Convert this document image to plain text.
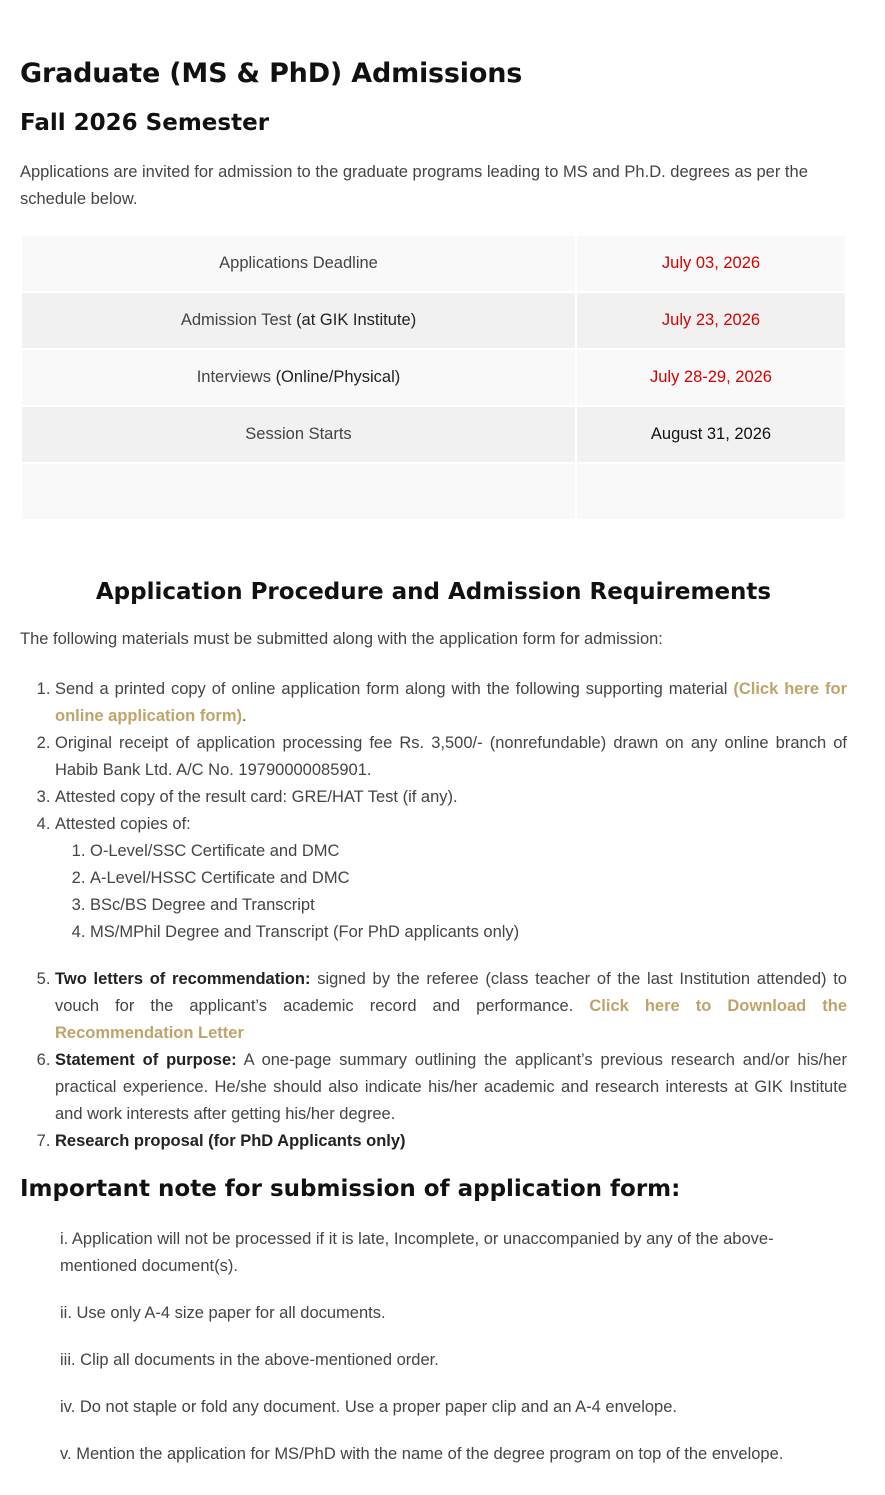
Graduate (MS & PhD) Admissions
Fall 2026 Semester

Applications are invited for admission to the graduate programs leading to MS and Ph.D. degrees as per the schedule below.

Applications Deadline	July 03, 2026
Admission Test (at GIK Institute)	July 23, 2026
Interviews (Online/Physical)	July 28-29, 2026
Session Starts	August 31, 2026

Application Procedure and Admission Requirements

The following materials must be submitted along with the application form for admission:

1. Send a printed copy of online application form along with the following supporting material (Click here for online application form).
2. Original receipt of application processing fee Rs. 3,500/- (nonrefundable) drawn on any online branch of Habib Bank Ltd. A/C No. 19790000085901.
3. Attested copy of the result card: GRE/HAT Test (if any).
4. Attested copies of:
1. O-Level/SSC Certificate and DMC
2. A-Level/HSSC Certificate and DMC
3. BSc/BS Degree and Transcript
4. MS/MPhil Degree and Transcript (For PhD applicants only)
5. Two letters of recommendation: signed by the referee (class teacher of the last Institution attended) to vouch for the applicant’s academic record and performance. Click here to Download the Recommendation Letter
6. Statement of purpose: A one-page summary outlining the applicant’s previous research and/or his/her practical experience. He/she should also indicate his/her academic and research interests at GIK Institute and work interests after getting his/her degree.
7. Research proposal (for PhD Applicants only)
Important note for submission of application form:

i. Application will not be processed if it is late, Incomplete, or unaccompanied by any of the above-mentioned document(s).

ii. Use only A-4 size paper for all documents.

iii. Clip all documents in the above-mentioned order.

iv. Do not staple or fold any document. Use a proper paper clip and an A-4 envelope.

v. Mention the application for MS/PhD with the name of the degree program on top of the envelope.
